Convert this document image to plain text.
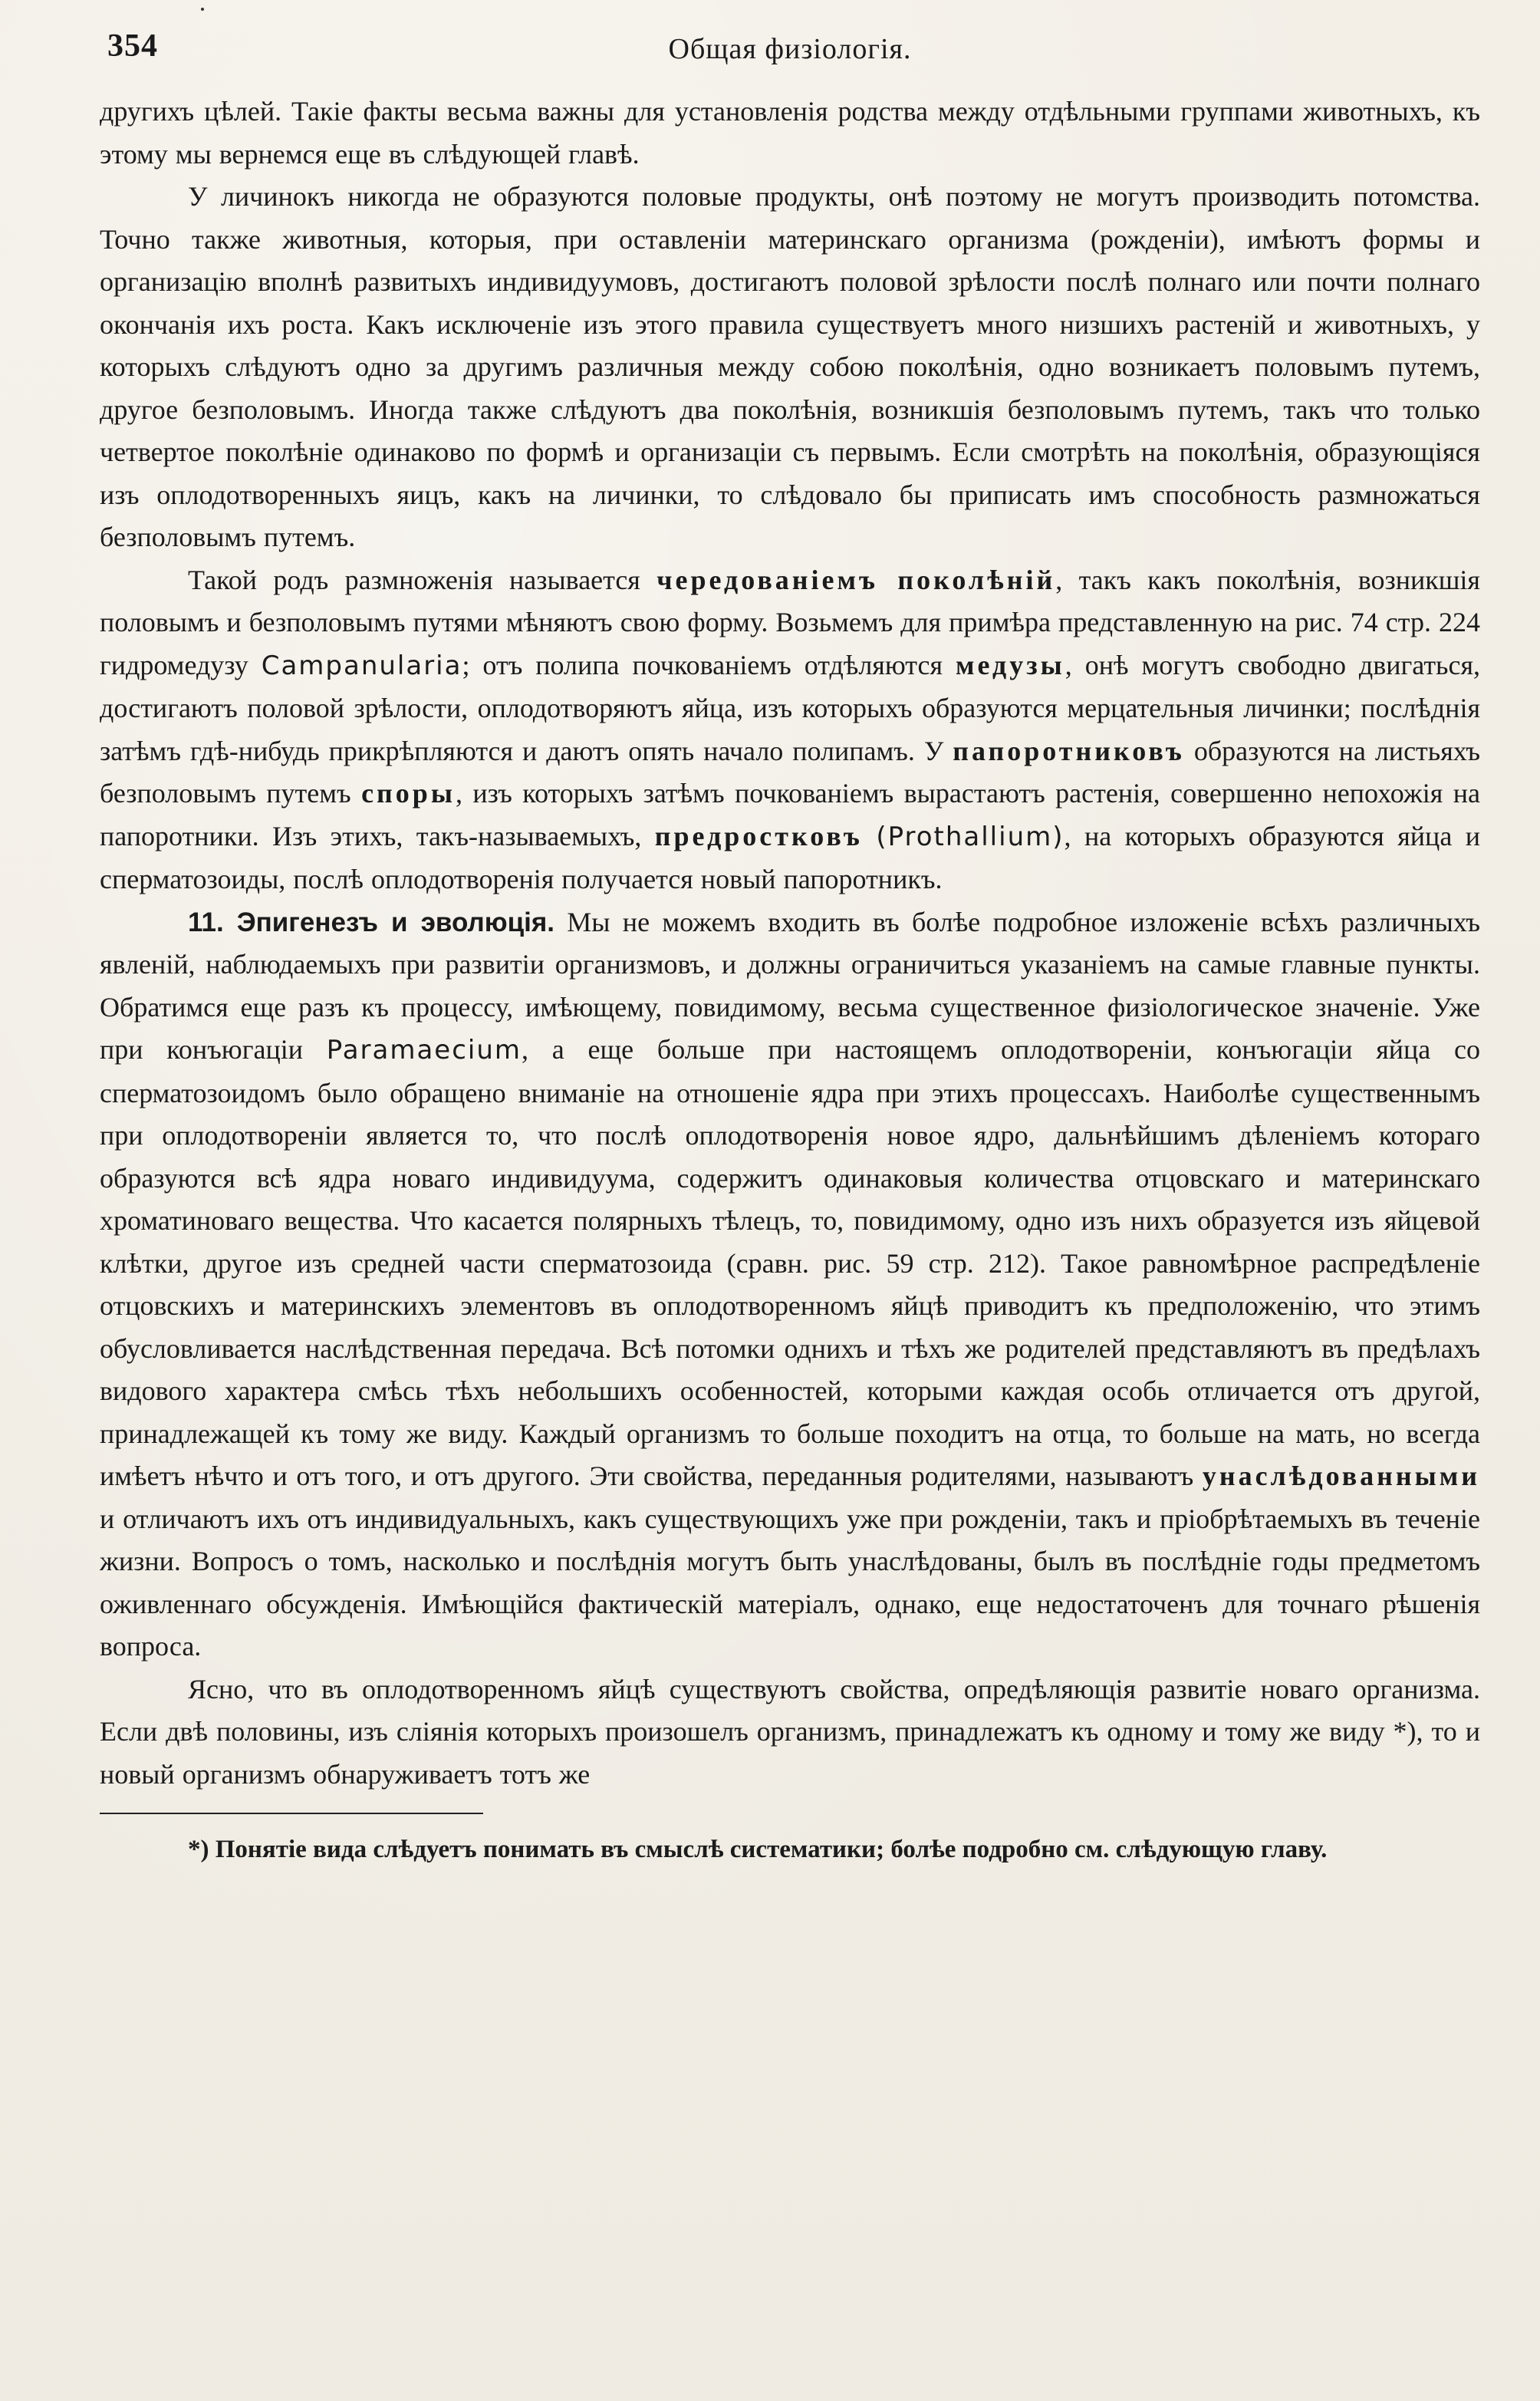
354	Общая физiологiя.

другихъ цѣлей. Такiе факты весьма важны для установленiя родства между отдѣльными группами животныхъ, къ этому мы вернемся еще въ слѣдующей главѣ.

У личинокъ никогда не образуются половые продукты, онѣ поэтому не могутъ производить потомства. Точно также животныя, которыя, при оставленiи материнскаго организма (рожденiи), имѣютъ формы и организацiю вполнѣ развитыхъ индивидуумовъ, достигаютъ половой зрѣлости послѣ полнаго или почти полнаго окончанiя ихъ роста. Какъ исключенiе изъ этого правила существуетъ много низшихъ растенiй и животныхъ, у которыхъ слѣдуютъ одно за другимъ различныя между собою поколѣнiя, одно возникаетъ половымъ путемъ, другое безполовымъ. Иногда также слѣдуютъ два поколѣнiя, возникшiя безполовымъ путемъ, такъ что только четвертое поколѣнiе одинаково по формѣ и организацiи съ первымъ. Если смотрѣть на поколѣнiя, образующiяся изъ оплодотворенныхъ яицъ, какъ на личинки, то слѣдовало бы приписать имъ способность размножаться безполовымъ путемъ.

Такой родъ размноженiя называется чередованiемъ поколѣнiй, такъ какъ поколѣнiя, возникшiя половымъ и безполовымъ путями мѣняютъ свою форму. Возьмемъ для примѣра представленную на рис. 74 стр. 224 гидромедузу Campanularia; отъ полипа почкованiемъ отдѣляются медузы, онѣ могутъ свободно двигаться, достигаютъ половой зрѣлости, оплодотворяютъ яйца, изъ которыхъ образуются мерцательныя личинки; послѣднiя затѣмъ гдѣ-нибудь прикрѣпляются и даютъ опять начало полипамъ. У папоротниковъ образуются на листьяхъ безполовымъ путемъ споры, изъ которыхъ затѣмъ почкованiемъ вырастаютъ растенiя, совершенно непохожiя на папоротники. Изъ этихъ, такъ-называемыхъ, предростковъ (Prothallium), на которыхъ образуются яйца и сперматозоиды, послѣ оплодотворенiя получается новый папоротникъ.

11. Эпигенезъ и эволюцiя. Мы не можемъ входить въ болѣе подробное изложенiе всѣхъ различныхъ явленiй, наблюдаемыхъ при развитiи организмовъ, и должны ограничиться указанiемъ на самые главные пункты. Обратимся еще разъ къ процессу, имѣющему, повидимому, весьма существенное физiологическое значенiе. Уже при конъюгацiи Paramaecium, а еще больше при настоящемъ оплодотворенiи, конъюгацiи яйца со сперматозоидомъ было обращено вниманiе на отношенiе ядра при этихъ процессахъ. Наиболѣе существеннымъ при оплодотворенiи является то, что послѣ оплодотворенiя новое ядро, дальнѣйшимъ дѣленiемъ котораго образуются всѣ ядра новаго индивидуума, содержитъ одинаковыя количества отцовскаго и материнскаго хроматиноваго вещества. Что касается полярныхъ тѣлецъ, то, повидимому, одно изъ нихъ образуется изъ яйцевой клѣтки, другое изъ средней части сперматозоида (сравн. рис. 59 стр. 212). Такое равномѣрное распредѣленiе отцовскихъ и материнскихъ элементовъ въ оплодотворенномъ яйцѣ приводитъ къ предположенiю, что этимъ обусловливается наслѣдственная передача. Всѣ потомки однихъ и тѣхъ же родителей представляютъ въ предѣлахъ видового характера смѣсь тѣхъ небольшихъ особенностей, которыми каждая особь отличается отъ другой, принадлежащей къ тому же виду. Каждый организмъ то больше походитъ на отца, то больше на мать, но всегда имѣетъ нѣчто и отъ того, и отъ другого. Эти свойства, переданныя родителями, называютъ унаслѣдованными и отличаютъ ихъ отъ индивидуальныхъ, какъ существующихъ уже при рожденiи, такъ и прiобрѣтаемыхъ въ теченiе жизни. Вопросъ о томъ, насколько и послѣднiя могутъ быть унаслѣдованы, былъ въ послѣднiе годы предметомъ оживленнаго обсужденiя. Имѣющiйся фактическiй матерiалъ, однако, еще недостаточенъ для точнаго рѣшенiя вопроса.

Ясно, что въ оплодотворенномъ яйцѣ существуютъ свойства, опредѣляющiя развитiе новаго организма. Если двѣ половины, изъ слiянiя которыхъ произошелъ организмъ, принадлежатъ къ одному и тому же виду *), то и новый организмъ обнаруживаетъ тотъ же

*) Понятiе вида слѣдуетъ понимать въ смыслѣ систематики; болѣе подробно см. слѣдующую главу.
